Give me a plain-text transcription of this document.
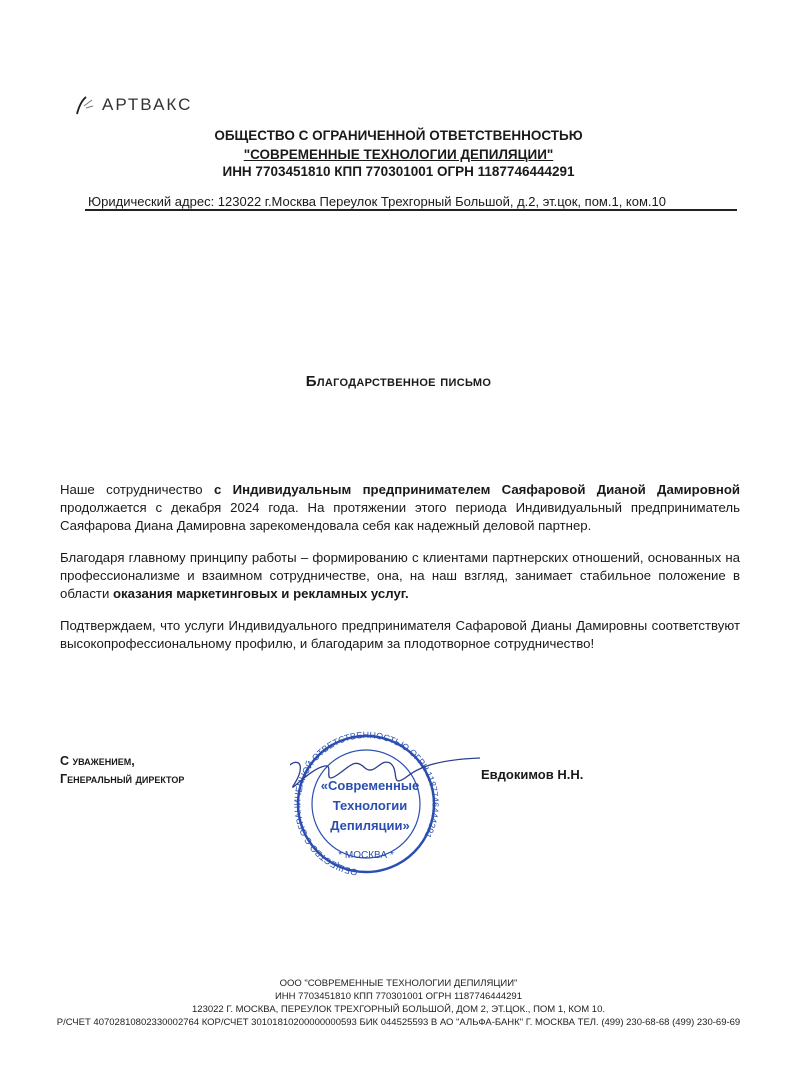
АРТВАКС
ОБЩЕСТВО С ОГРАНИЧЕННОЙ ОТВЕТСТВЕННОСТЬЮ
"СОВРЕМЕННЫЕ ТЕХНОЛОГИИ ДЕПИЛЯЦИИ"
ИНН 7703451810 КПП 770301001 ОГРН 1187746444291
Юридический адрес: 123022 г.Москва Переулок Трехгорный Большой, д.2, эт.цок, пом.1, ком.10
Благодарственное письмо

Наше сотрудничество с Индивидуальным предпринимателем Саяфаровой Дианой Дамировной продолжается с декабря 2024 года. На протяжении этого периода Индивидуальный предприниматель Саяфарова Диана Дамировна зарекомендовала себя как надежный деловой партнер.

Благодаря главному принципу работы – формированию с клиентами партнерских отношений, основанных на профессионализме и взаимном сотрудничестве, она, на наш взгляд, занимает стабильное положение в области оказания маркетинговых и рекламных услуг.

Подтверждаем, что услуги Индивидуального предпринимателя Сафаровой Дианы Дамировны соответствуют высокопрофессиональному профилю, и благодарим за плодотворное сотрудничество!

С уважением,
Генеральный директор	Евдокимов Н.Н.
ОБЩЕСТВО С ОГРАНИЧЕННОЙ ОТВЕТСТВЕННОСТЬЮ ОГРН 1187746444291
* МОСКВА *
«Современные
Технологии
Депиляции»
ООО "СОВРЕМЕННЫЕ ТЕХНОЛОГИИ ДЕПИЛЯЦИИ"
ИНН 7703451810 КПП 770301001 ОГРН 1187746444291
123022 Г. МОСКВА, ПЕРЕУЛОК ТРЕХГОРНЫЙ БОЛЬШОЙ, ДОМ 2, ЭТ.ЦОК., ПОМ 1, КОМ 10.
Р/СЧЕТ 40702810802330002764 КОР/СЧЕТ 30101810200000000593 БИК 044525593 В АО "АЛЬФА-БАНК" Г. МОСКВА ТЕЛ. (499) 230-68-68 (499) 230-69-69
